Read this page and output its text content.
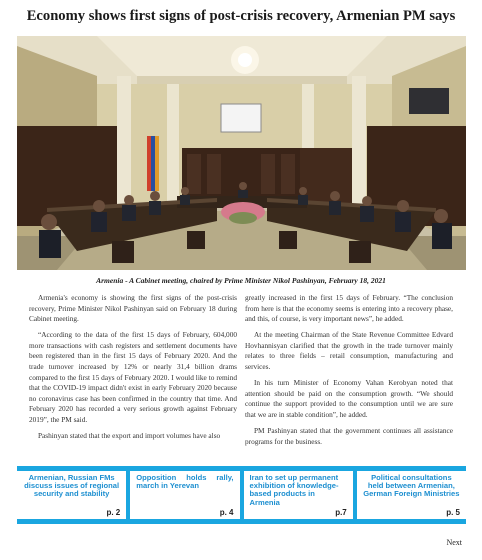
Economy shows first signs of post-crisis recovery, Armenian PM says
Armenia - A Cabinet meeting, chaired by Prime Minister Nikol Pashinyan, February 18, 2021

Armenia's economy is showing the first signs of the post-crisis recovery, Prime Minister Nikol Pashinyan said on February 18 during Cabinet meeting.

“According to the data of the first 15 days of February, 604,000 more transactions with cash registers and settlement documents have been registered than in the first 15 days of February 2020. And the trade turnover increased by 12% or nearly 31,4 billion drams compared to the first 15 days of February 2020. I would like to remind that the COVID-19 impact didn't exist in early February 2020 because no coronavirus case has been confirmed in the country that time. And February 2020 has recorded a very serious growth against February 2019”, the PM said.

Pashinyan stated that the export and import volumes have also

greatly increased in the first 15 days of February. “The conclusion from here is that the economy seems is entering into a recovery phase, and this, of course, is very important news”, he added.

At the meeting Chairman of the State Revenue Committee Edvard Hovhannisyan clarified that the growth in the trade turnover mainly relates to three fields – retail consumption, manufacturing and services.

In his turn Minister of Economy Vahan Kerobyan noted that attention should be paid on the consumption growth. “We should continue the support provided to the consumption until we are sure that we are in stable condition”, he added.

PM Pashinyan stated that the government continues all assistance programs for the business.

Armenian, Russian FMs discuss issues of regional security and stability
p. 2
Opposition holds rally, march in Yerevan
p. 4
Iran to set up permanent exhibition of knowledge-based products in Armenia
p.7
Political consultations held between Armenian, German Foreign Ministries
p. 5
Next
